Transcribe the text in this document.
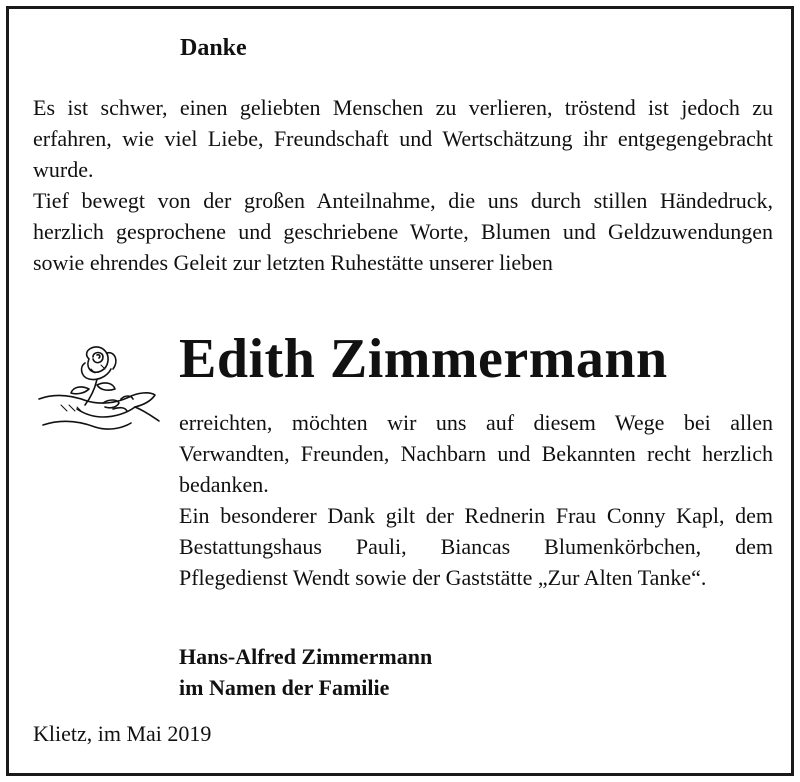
Danke

Es ist schwer, einen geliebten Menschen zu verlieren, tröstend ist jedoch zu erfahren, wie viel Liebe, Freundschaft und Wertschätzung ihr entgegengebracht wurde.

Tief bewegt von der großen Anteilnahme, die uns durch stillen Händedruck, herzlich gesprochene und geschriebene Worte, Blumen und Geldzuwendungen sowie ehrendes Geleit zur letzten Ruhestätte unserer lieben

Edith Zimmermann

erreichten, möchten wir uns auf diesem Wege bei allen Verwandten, Freunden, Nachbarn und Bekannten recht herzlich bedanken.

Ein besonderer Dank gilt der Rednerin Frau Conny Kapl, dem Bestattungshaus Pauli, Biancas Blumenkörbchen, dem Pflegedienst Wendt sowie der Gaststätte „Zur Alten Tanke“.

Hans-Alfred Zimmermann
im Namen der Familie
Klietz, im Mai 2019
